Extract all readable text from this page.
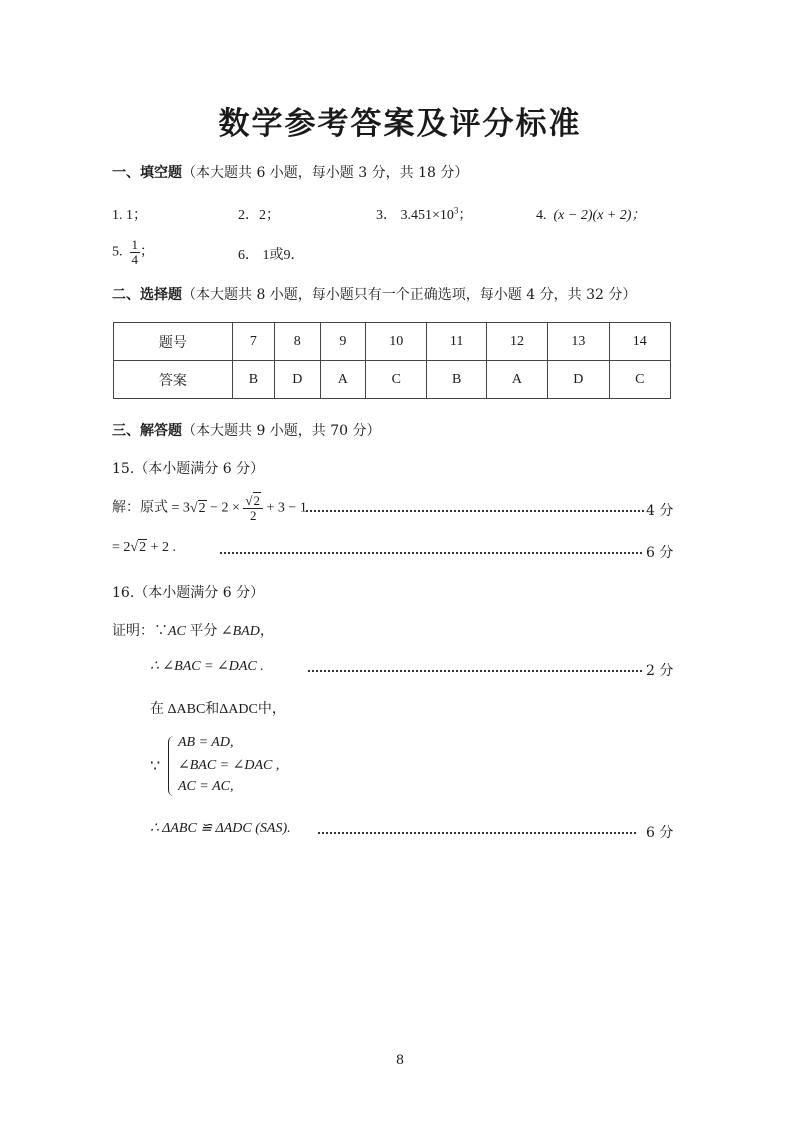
数学参考答案及评分标准
一、填空题（本大题共 6 小题，每小题 3 分，共 18 分）
1. 1；	2．2；	3． $3.451\times 10^3$；	4. (x − 2)(x + 2)；
5. $\frac{1}{4}$ ；	6． 1或9．
二、选择题（本大题共 8 小题，每小题只有一个正确选项，每小题 4 分，共 32 分）
题号	7	8	9	10	11	12	13	14
答案	B	D	A	C	B	A	D	C
三、解答题（本大题共 9 小题，共 70 分）
15.（本小题满分 6 分）
解：原式 = $3√2 - 2 \times \frac{√2}{2} + 3 - 1$	4 分
= 2√2 + 2 .	6 分
16.（本小题满分 6 分）
证明：∵AC 平分 ∠BAD，
∴ ∠BAC = ∠DAC .	2 分
在 ΔABC和ΔADC中，
∵
AB = AD,
∠BAC = ∠DAC ,
AC = AC,
∴ ΔABC ≌ ΔADC (SAS).	6 分
8
